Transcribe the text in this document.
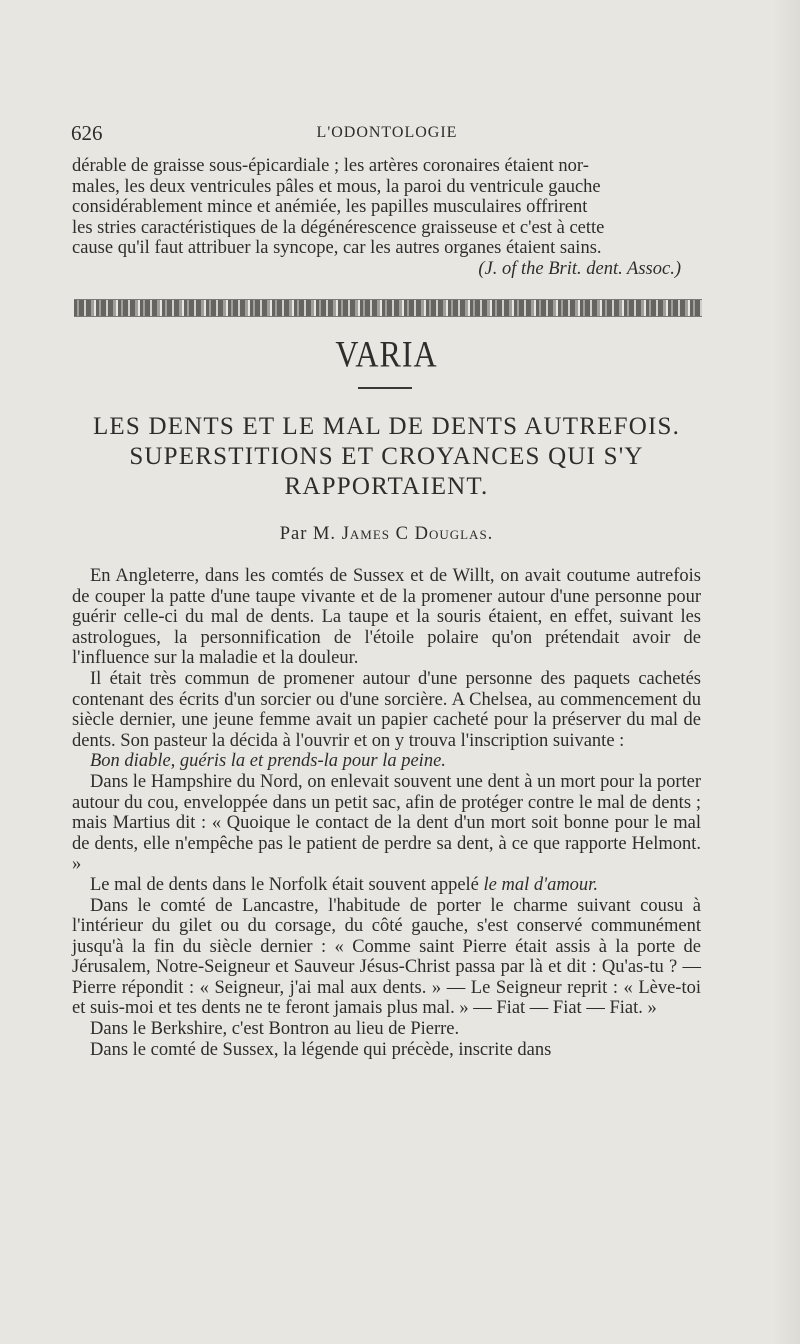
626	L'ODONTOLOGIE

dérable de graisse sous-épicardiale ; les artères coronaires étaient nor-

males, les deux ventricules pâles et mous, la paroi du ventricule gauche

considérablement mince et anémiée, les papilles musculaires offrirent

les stries caractéristiques de la dégénérescence graisseuse et c'est à cette

cause qu'il faut attribuer la syncope, car les autres organes étaient sains.

(J. of the Brit. dent. Assoc.)

VARIA
LES DENTS ET LE MAL DE DENTS AUTREFOIS.
SUPERSTITIONS ET CROYANCES QUI S'Y
RAPPORTAIENT.
Par M. James C Douglas.

En Angleterre, dans les comtés de Sussex et de Willt, on avait coutume autrefois de couper la patte d'une taupe vivante et de la promener autour d'une personne pour guérir celle-ci du mal de dents. La taupe et la souris étaient, en effet, suivant les astrologues, la personnification de l'étoile polaire qu'on prétendait avoir de l'influence sur la maladie et la douleur.

Il était très commun de promener autour d'une personne des paquets cachetés contenant des écrits d'un sorcier ou d'une sorcière. A Chelsea, au commencement du siècle dernier, une jeune femme avait un papier cacheté pour la préserver du mal de dents. Son pasteur la décida à l'ouvrir et on y trouva l'inscription suivante :

Bon diable, guéris la et prends-la pour la peine.

Dans le Hampshire du Nord, on enlevait souvent une dent à un mort pour la porter autour du cou, enveloppée dans un petit sac, afin de protéger contre le mal de dents ; mais Martius dit : « Quoique le contact de la dent d'un mort soit bonne pour le mal de dents, elle n'empêche pas le patient de perdre sa dent, à ce que rapporte Helmont. »

Le mal de dents dans le Norfolk était souvent appelé le mal d'amour.

Dans le comté de Lancastre, l'habitude de porter le charme suivant cousu à l'intérieur du gilet ou du corsage, du côté gauche, s'est conservé communément jusqu'à la fin du siècle dernier : « Comme saint Pierre était assis à la porte de Jérusalem, Notre-Seigneur et Sauveur Jésus-Christ passa par là et dit : Qu'as-tu ? — Pierre répondit : « Seigneur, j'ai mal aux dents. » — Le Seigneur reprit : « Lève-toi et suis-moi et tes dents ne te feront jamais plus mal. » — Fiat — Fiat — Fiat. »

Dans le Berkshire, c'est Bontron au lieu de Pierre.

Dans le comté de Sussex, la légende qui précède, inscrite dans
